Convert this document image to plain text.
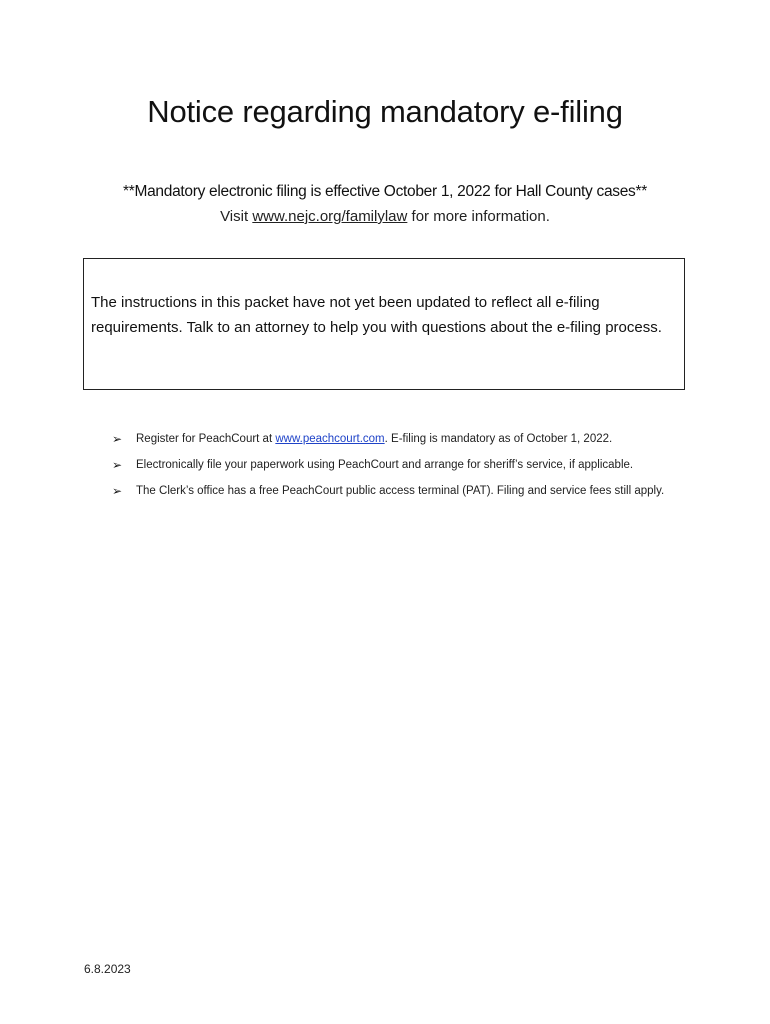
Notice regarding mandatory e-filing
**Mandatory electronic filing is effective October 1, 2022 for Hall County cases**
Visit www.nejc.org/familylaw for more information.
The instructions in this packet have not yet been updated to reflect all e-filing requirements. Talk to an attorney to help you with questions about the e-filing process.
➢ Register for PeachCourt at www.peachcourt.com. E-filing is mandatory as of October 1, 2022.
➢ Electronically file your paperwork using PeachCourt and arrange for sheriff’s service, if applicable.
➢ The Clerk’s office has a free PeachCourt public access terminal (PAT). Filing and service fees still apply.
6.8.2023
